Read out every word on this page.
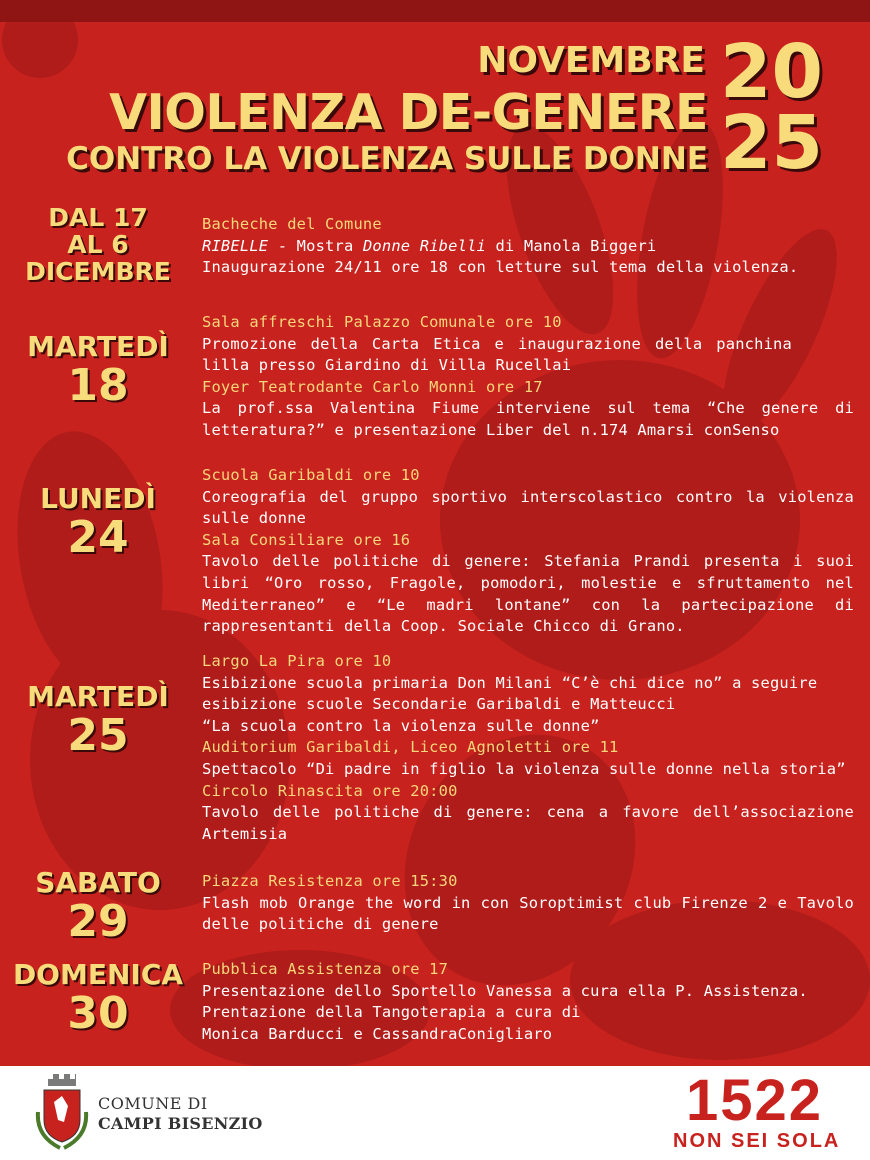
NOVEMBRE
VIOLENZA DE-GENERE
CONTRO LA VIOLENZA SULLE DONNE
20
25
DAL 17
AL 6
DICEMBRE
Bacheche del Comune
RIBELLE - Mostra Donne Ribelli di Manola Biggeri
Inaugurazione 24/11 ore 18 con letture sul tema della violenza.
MARTEDÌ
18
Sala affreschi Palazzo Comunale ore 10
Promozione della Carta Etica e inaugurazione della panchina lilla presso Giardino di Villa Rucellai
Foyer Teatrodante Carlo Monni ore 17
La prof.ssa Valentina Fiume interviene sul tema “Che genere di letteratura?” e presentazione Liber del n.174 Amarsi conSenso
LUNEDÌ
24
Scuola Garibaldi ore 10
Coreografia del gruppo sportivo interscolastico contro la violenza sulle donne
Sala Consiliare ore 16
Tavolo delle politiche di genere: Stefania Prandi presenta i suoi libri “Oro rosso, Fragole, pomodori, molestie e sfruttamento nel Mediterraneo” e “Le madri lontane” con la partecipazione di rappresentanti della Coop. Sociale Chicco di Grano.
MARTEDÌ
25
Largo La Pira ore 10
Esibizione scuola primaria Don Milani “C’è chi dice no” a seguire
esibizione scuole Secondarie Garibaldi e Matteucci
“La scuola contro la violenza sulle donne”
Auditorium Garibaldi, Liceo Agnoletti ore 11
Spettacolo “Di padre in figlio la violenza sulle donne nella storia”
Circolo Rinascita ore 20:00
Tavolo delle politiche di genere: cena a favore dell’associazione Artemisia
SABATO
29
Piazza Resistenza ore 15:30
Flash mob Orange the word in con Soroptimist club Firenze 2 e Tavolo delle politiche di genere
DOMENICA
30
Pubblica Assistenza ore 17
Presentazione dello Sportello Vanessa a cura ella P. Assistenza.
Prentazione della Tangoterapia a cura di
Monica Barducci e CassandraConigliaro
COMUNE DI
CAMPI BISENZIO	1522
NON SEI SOLA
